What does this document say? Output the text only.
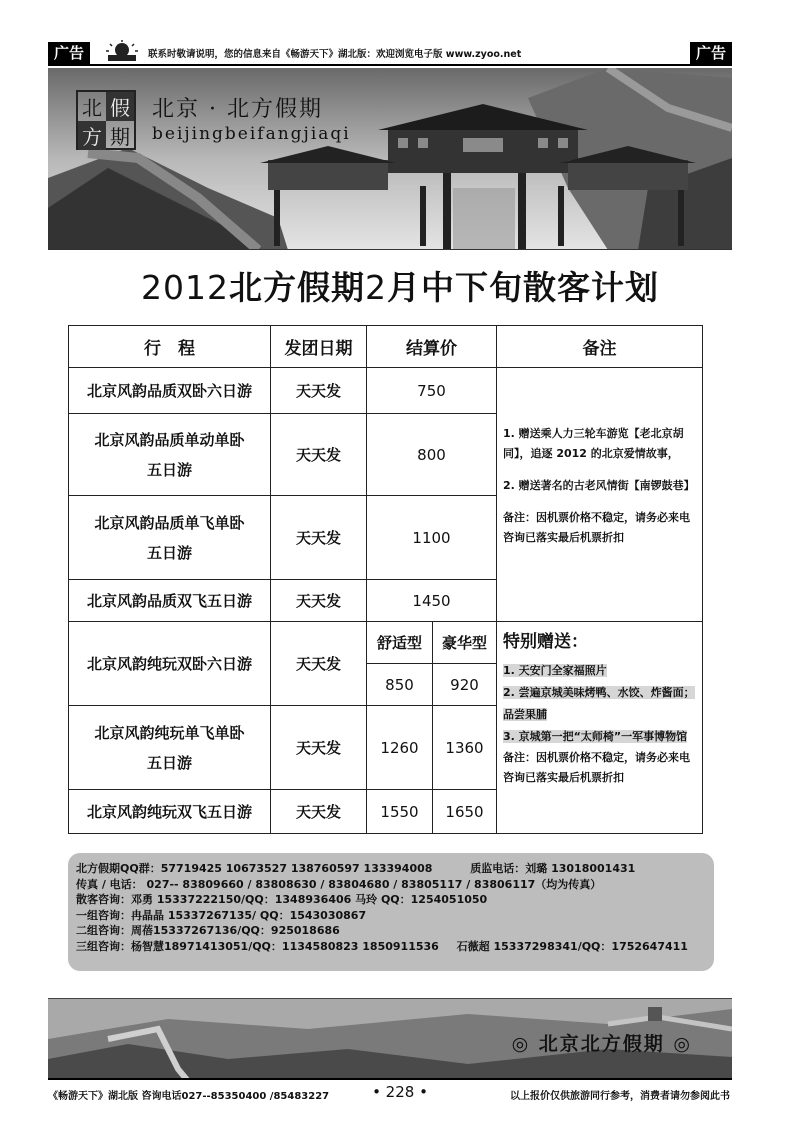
广告	联系时敬请说明，您的信息来自《畅游天下》湖北版：欢迎浏览电子版 www.zyoo.net	广告
北 假
方 期
北京 · 北方假期
beijingbeifangjiaqi
2012北方假期2月中下旬散客计划
行　程	发团日期	结算价		备注
北京风韵品质双卧六日游	天天发	750		1. 赠送乘人力三轮车游览【老北京胡同】，追逐 2012 的北京爱情故事，
2. 赠送著名的古老风情街【南锣鼓巷】
备注：因机票价格不稳定，请务必来电咨询已落实最后机票折扣

北京风韵品质单动单卧
五日游	天天发	800		

北京风韵品质单飞单卧
五日游	天天发	1100		
北京风韵品质双飞五日游	天天发	1450		
北京风韵纯玩双卧六日游	天天发	舒适型	豪华型	特别赠送：
1. 天安门全家福照片
2. 尝遍京城美味烤鸭、水饺、炸酱面；品尝果脯
3. 京城第一把“太师椅”一军事博物馆
备注：因机票价格不稳定，请务必来电咨询已落实最后机票折扣

		850	920	

北京风韵纯玩单飞单卧
五日游	天天发	1260	1360	
北京风韵纯玩双飞五日游	天天发	1550	1650	
北方假期QQ群：57719425 10673527 138760597 133394008	质监电话：刘璐 13018001431
传真 / 电话： 027-- 83809660 / 83808630 / 83804680 / 83805117 / 83806117（均为传真）
散客咨询：邓勇 15337222150/QQ：1348936406 马玲 QQ：1254051050
一组咨询：冉晶晶 15337267135/ QQ：1543030867
二组咨询：周蓓15337267136/QQ：925018686
三组咨询：杨智慧18971413051/QQ：1134580823 1850911536 石薇超 15337298341/QQ：1752647411
◎ 北京北方假期 ◎
《畅游天下》湖北版 咨询电话027--85350400 /85483227	• 228 •	以上报价仅供旅游同行参考，消费者请勿参阅此书
